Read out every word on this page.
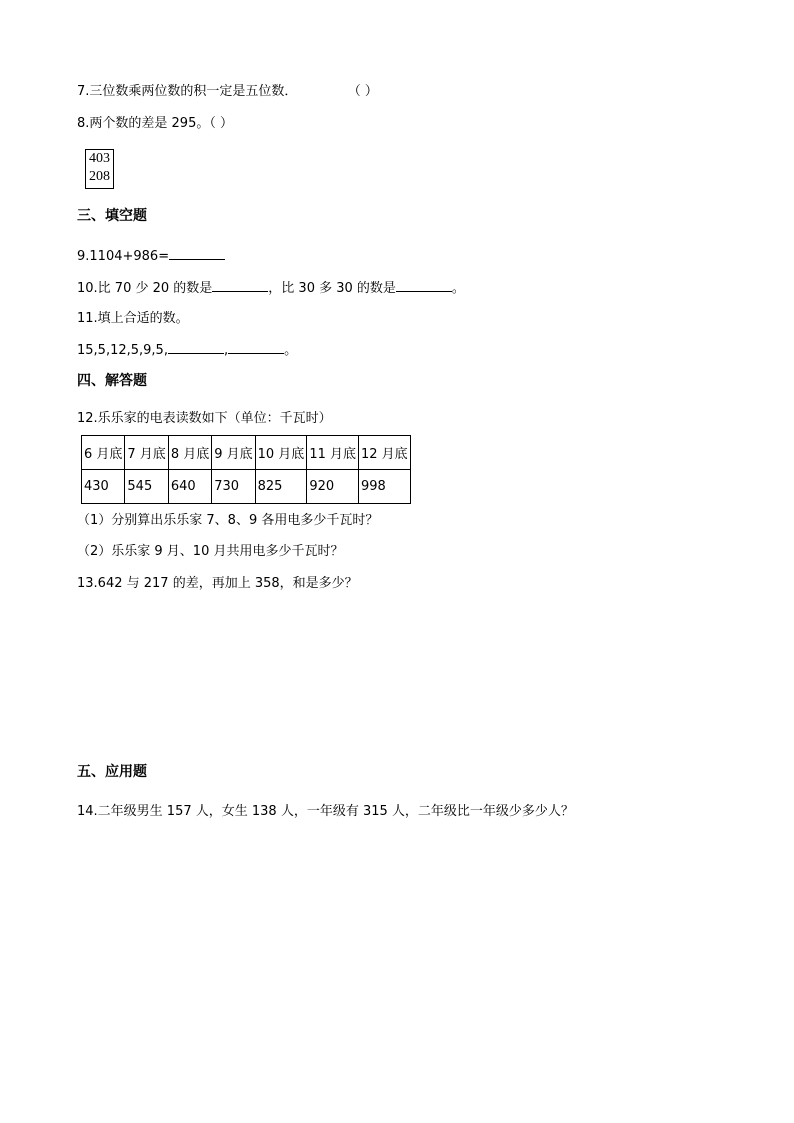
7.三位数乘两位数的积一定是五位数．	（ ）
8.两个数的差是 295。（ ）
403
208
三、填空题
9.1104+986=
10.比 70 少 20 的数是	，比 30 多 30 的数是	。
11.填上合适的数。
15,5,12,5,9,5,	,	。
四、解答题
12.乐乐家的电表读数如下（单位：千瓦时）
6 月底	7 月底	8 月底	9 月底	10 月底	11 月底	12 月底
430	545	640	730	825	920	998
（1）分别算出乐乐家 7、8、9 各用电多少千瓦时？
（2）乐乐家 9 月、10 月共用电多少千瓦时？
13.642 与 217 的差，再加上 358，和是多少？
五、应用题
14.二年级男生 157 人，女生 138 人，一年级有 315 人，二年级比一年级少多少人？
